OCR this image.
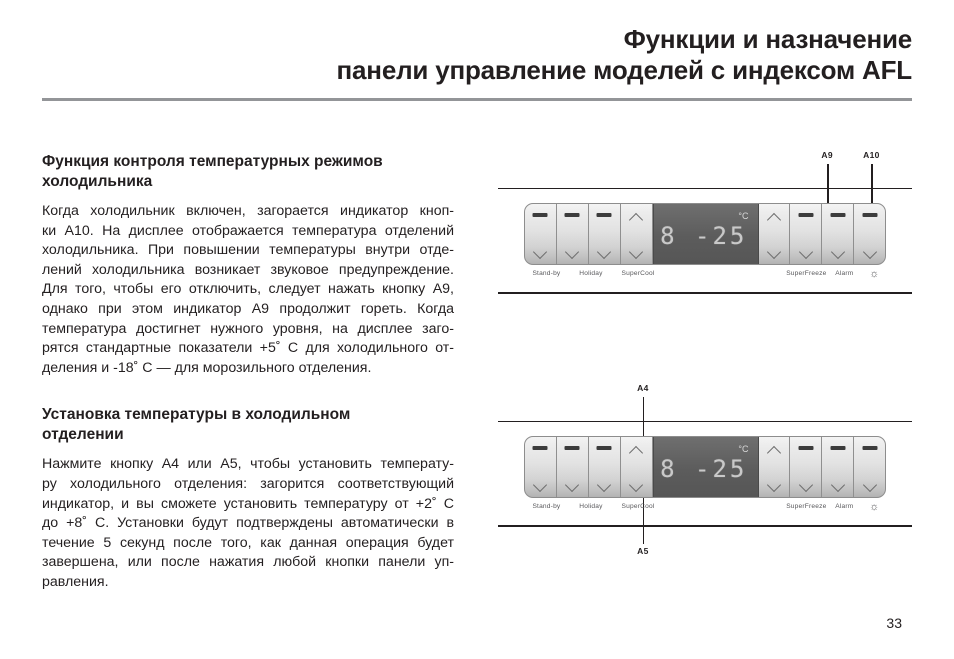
Функции и назначение
панели управление моделей с индексом AFL
Функция контроля температурных режимов
холодильника

Когда холодильник включен, загорается индикатор кноп-
ки A10. На дисплее отображается температура отделений
холодильника. При повышении температуры внутри отде-
лений холодильника возникает звуковое предупреждение.
Для того, чтобы его отключить, следует нажать кнопку A9,
однако при этом индикатор A9 продолжит гореть. Когда
температура достигнет нужного уровня, на дисплее заго-
рятся стандартные показатели +5˚ C для холодильного от-
деления и -18˚ C — для морозильного отделения.

Установка температуры в холодильном
отделении

Нажмите кнопку A4 или A5, чтобы установить температу-
ру холодильного отделения: загорится соответствующий
индикатор, и вы сможете установить температуру от +2˚ C
до +8˚ C. Установки будут подтверждены автоматически в
течение 5 секунд после того, как данная операция будет
завершена, или после нажатия любой кнопки панели уп-
равления.

A9	A10
°C
8 -25
Stand-by	Holiday	SuperCool	SuperFreeze Alarm ☼
A4
°C
8 -25
Stand-by	Holiday	SuperCool	SuperFreeze Alarm ☼
A5
33
